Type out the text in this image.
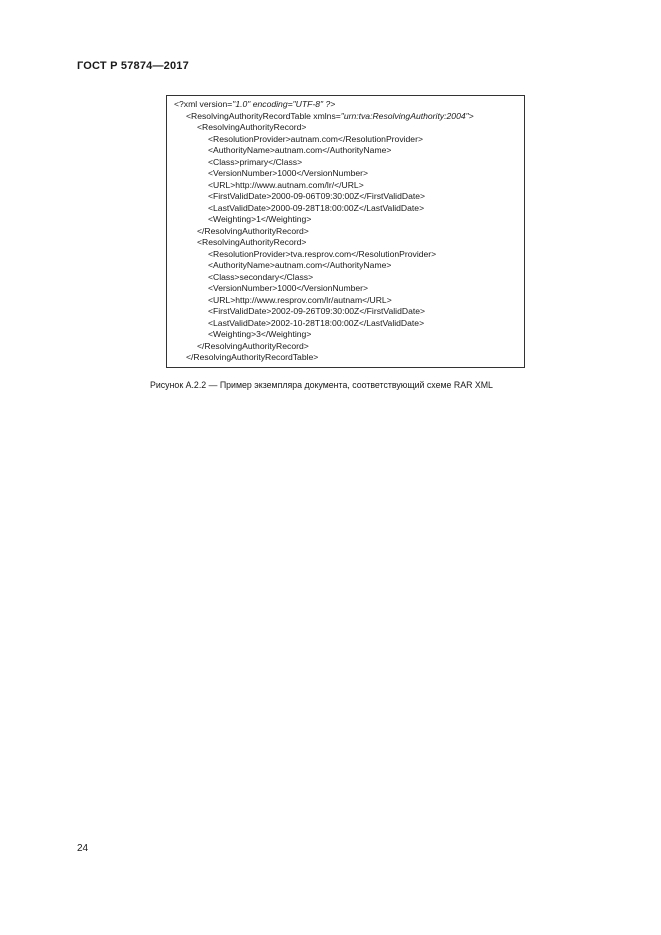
ГОСТ Р 57874—2017
<?xml version="1.0" encoding="UTF-8" ?>
<ResolvingAuthorityRecordTable xmlns="urn:tva:ResolvingAuthority:2004">
<ResolvingAuthorityRecord>
<ResolutionProvider>autnam.com</ResolutionProvider>
<AuthorityName>autnam.com</AuthorityName>
<Class>primary</Class>
<VersionNumber>1000</VersionNumber>
<URL>http://www.autnam.com/lr/</URL>
<FirstValidDate>2000-09-06T09:30:00Z</FirstValidDate>
<LastValidDate>2000-09-28T18:00:00Z</LastValidDate>
<Weighting>1</Weighting>
</ResolvingAuthorityRecord>
<ResolvingAuthorityRecord>
<ResolutionProvider>tva.resprov.com</ResolutionProvider>
<AuthorityName>autnam.com</AuthorityName>
<Class>secondary</Class>
<VersionNumber>1000</VersionNumber>
<URL>http://www.resprov.com/lr/autnam</URL>
<FirstValidDate>2002-09-26T09:30:00Z</FirstValidDate>
<LastValidDate>2002-10-28T18:00:00Z</LastValidDate>
<Weighting>3</Weighting>
</ResolvingAuthorityRecord>
</ResolvingAuthorityRecordTable>
Рисунок А.2.2 — Пример экземпляра документа, соответствующий схеме RAR XML
24
